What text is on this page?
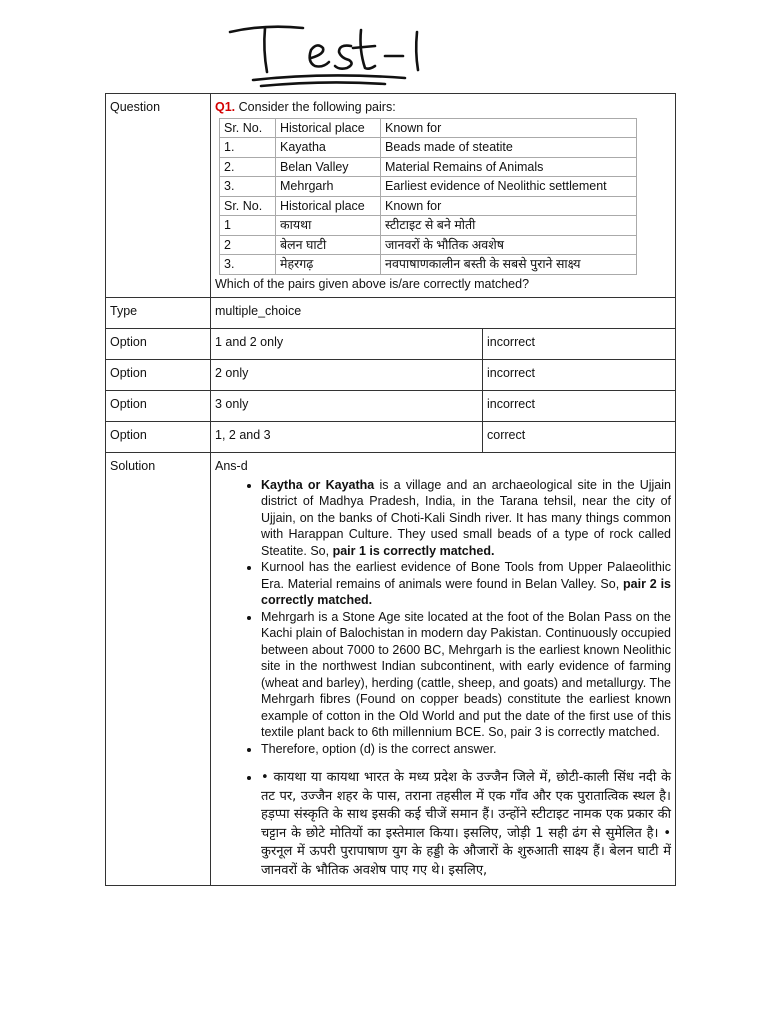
Question	Q1. Consider the following pairs:
Sr. No.	Historical place	Known for
1.	Kayatha	Beads made of steatite
2.	Belan Valley	Material Remains of Animals
3.	Mehrgarh	Earliest evidence of Neolithic settlement
Sr. No.	Historical place	Known for
1	कायथा	स्टीटाइट से बने मोती
2	बेलन घाटी	जानवरों के भौतिक अवशेष
3.	मेहरगढ़	नवपाषाणकालीन बस्ती के सबसे पुराने साक्ष्य
Which of the pairs given above is/are correctly matched?

Type	multiple_choice
Option	1 and 2 only	incorrect
Option	2 only	incorrect
Option	3 only	incorrect
Option	1, 2 and 3	correct
Solution	Ans-d
• Kaytha or Kayatha is a village and an archaeological site in the Ujjain district of Madhya Pradesh, India, in the Tarana tehsil, near the city of Ujjain, on the banks of Choti-Kali Sindh river. It has many things common with Harappan Culture. They used small beads of a type of rock called Steatite. So, pair 1 is correctly matched.
• Kurnool has the earliest evidence of Bone Tools from Upper Palaeolithic Era. Material remains of animals were found in Belan Valley. So, pair 2 is correctly matched.
• Mehrgarh is a Stone Age site located at the foot of the Bolan Pass on the Kachi plain of Balochistan in modern day Pakistan. Continuously occupied between about 7000 to 2600 BC, Mehrgarh is the earliest known Neolithic site in the northwest Indian subcontinent, with early evidence of farming (wheat and barley), herding (cattle, sheep, and goats) and metallurgy. The Mehrgarh fibres (Found on copper beads) constitute the earliest known example of cotton in the Old World and put the date of the first use of this textile plant back to 6th millennium BCE. So, pair 3 is correctly matched.
• Therefore, option (d) is the correct answer.
• • कायथा या कायथा भारत के मध्य प्रदेश के उज्जैन जिले में, छोटी-काली सिंध नदी के तट पर, उज्जैन शहर के पास, तराना तहसील में एक गाँव और एक पुरातात्विक स्थल है। हड़प्पा संस्कृति के साथ इसकी कई चीजें समान हैं। उन्होंने स्टीटाइट नामक एक प्रकार की चट्टान के छोटे मोतियों का इस्तेमाल किया। इसलिए, जोड़ी 1 सही ढंग से सुमेलित है। • कुरनूल में ऊपरी पुरापाषाण युग के हड्डी के औजारों के शुरुआती साक्ष्य हैं। बेलन घाटी में जानवरों के भौतिक अवशेष पाए गए थे। इसलिए,
